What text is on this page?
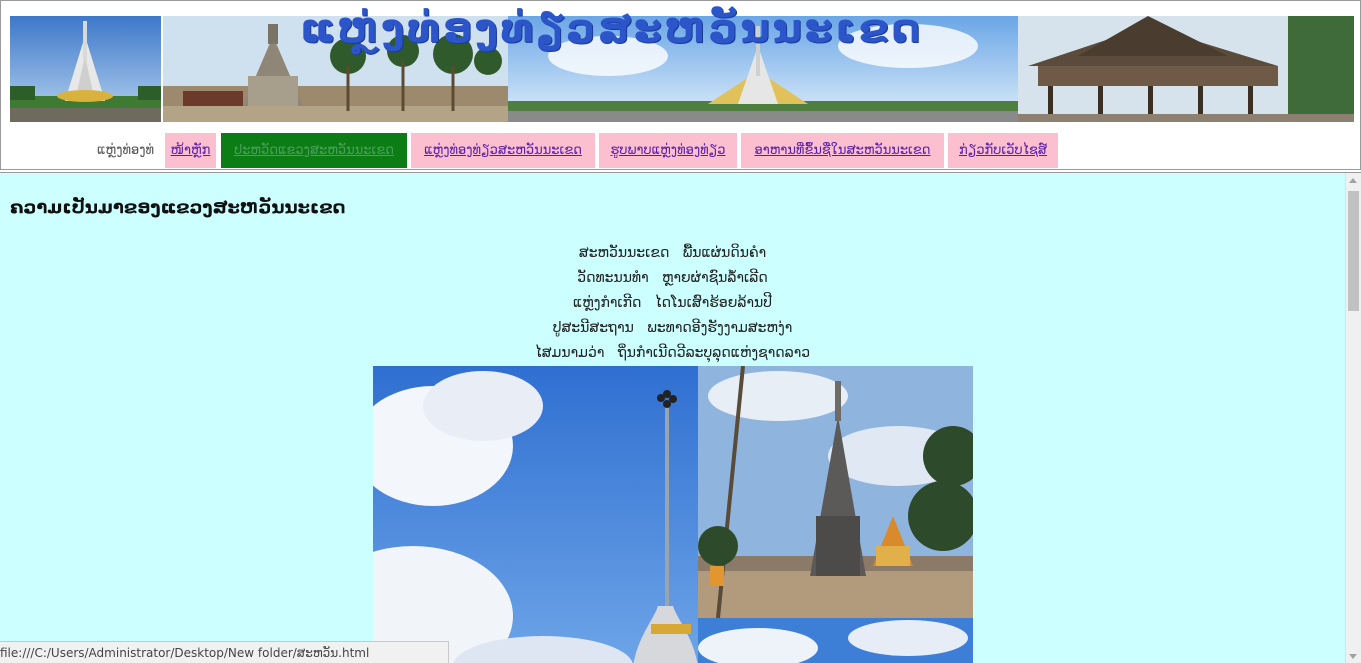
ແຫຼ່ງທ່ອງທ່ຽວສະຫວັນນະເຂດ
ແຫຼ່ງທ່ອງທ່	ໜ້າຫຼັກ	ປະຫວັດແຂວງສະຫວັນນະເຂດ	ແຫຼ່ງທ່ອງທ່ຽວສະຫວັນນະເຂດ	ຮູບພາບແຫຼ່ງທ່ອງທ່ຽວ	ອາຫານທີ່ຂຶ້ນຊື່ໃນສະຫວັນນະເຂດ	ກ່ຽວກັບເວັບໄຊສ໌
ຄວາມເປັນມາຂອງແຂວງສະຫວັນນະເຂດ

ສະຫວັນນະເຂດ   ພື້ນແຜ່ນດິນຄຳ

ວັດທະນນທຳ   ຫຼາຍຜ່າຊົນລ້ຳເລີດ

ແຫຼ່ງກຳເກີດ   ໄດໂນເສົາຮ້ອຍລ້ານປີ

ປູສະນີສະຖານ   ພະທາດອີງຮັງງາມສະຫງ່າ

ໄສມນາມວ່າ   ຖິ່ນກຳເນີດວີລະບຸລຸດແຫ່ງຊາດລາວ

file:///C:/Users/Administrator/Desktop/New folder/ສະຫວັນ.html
